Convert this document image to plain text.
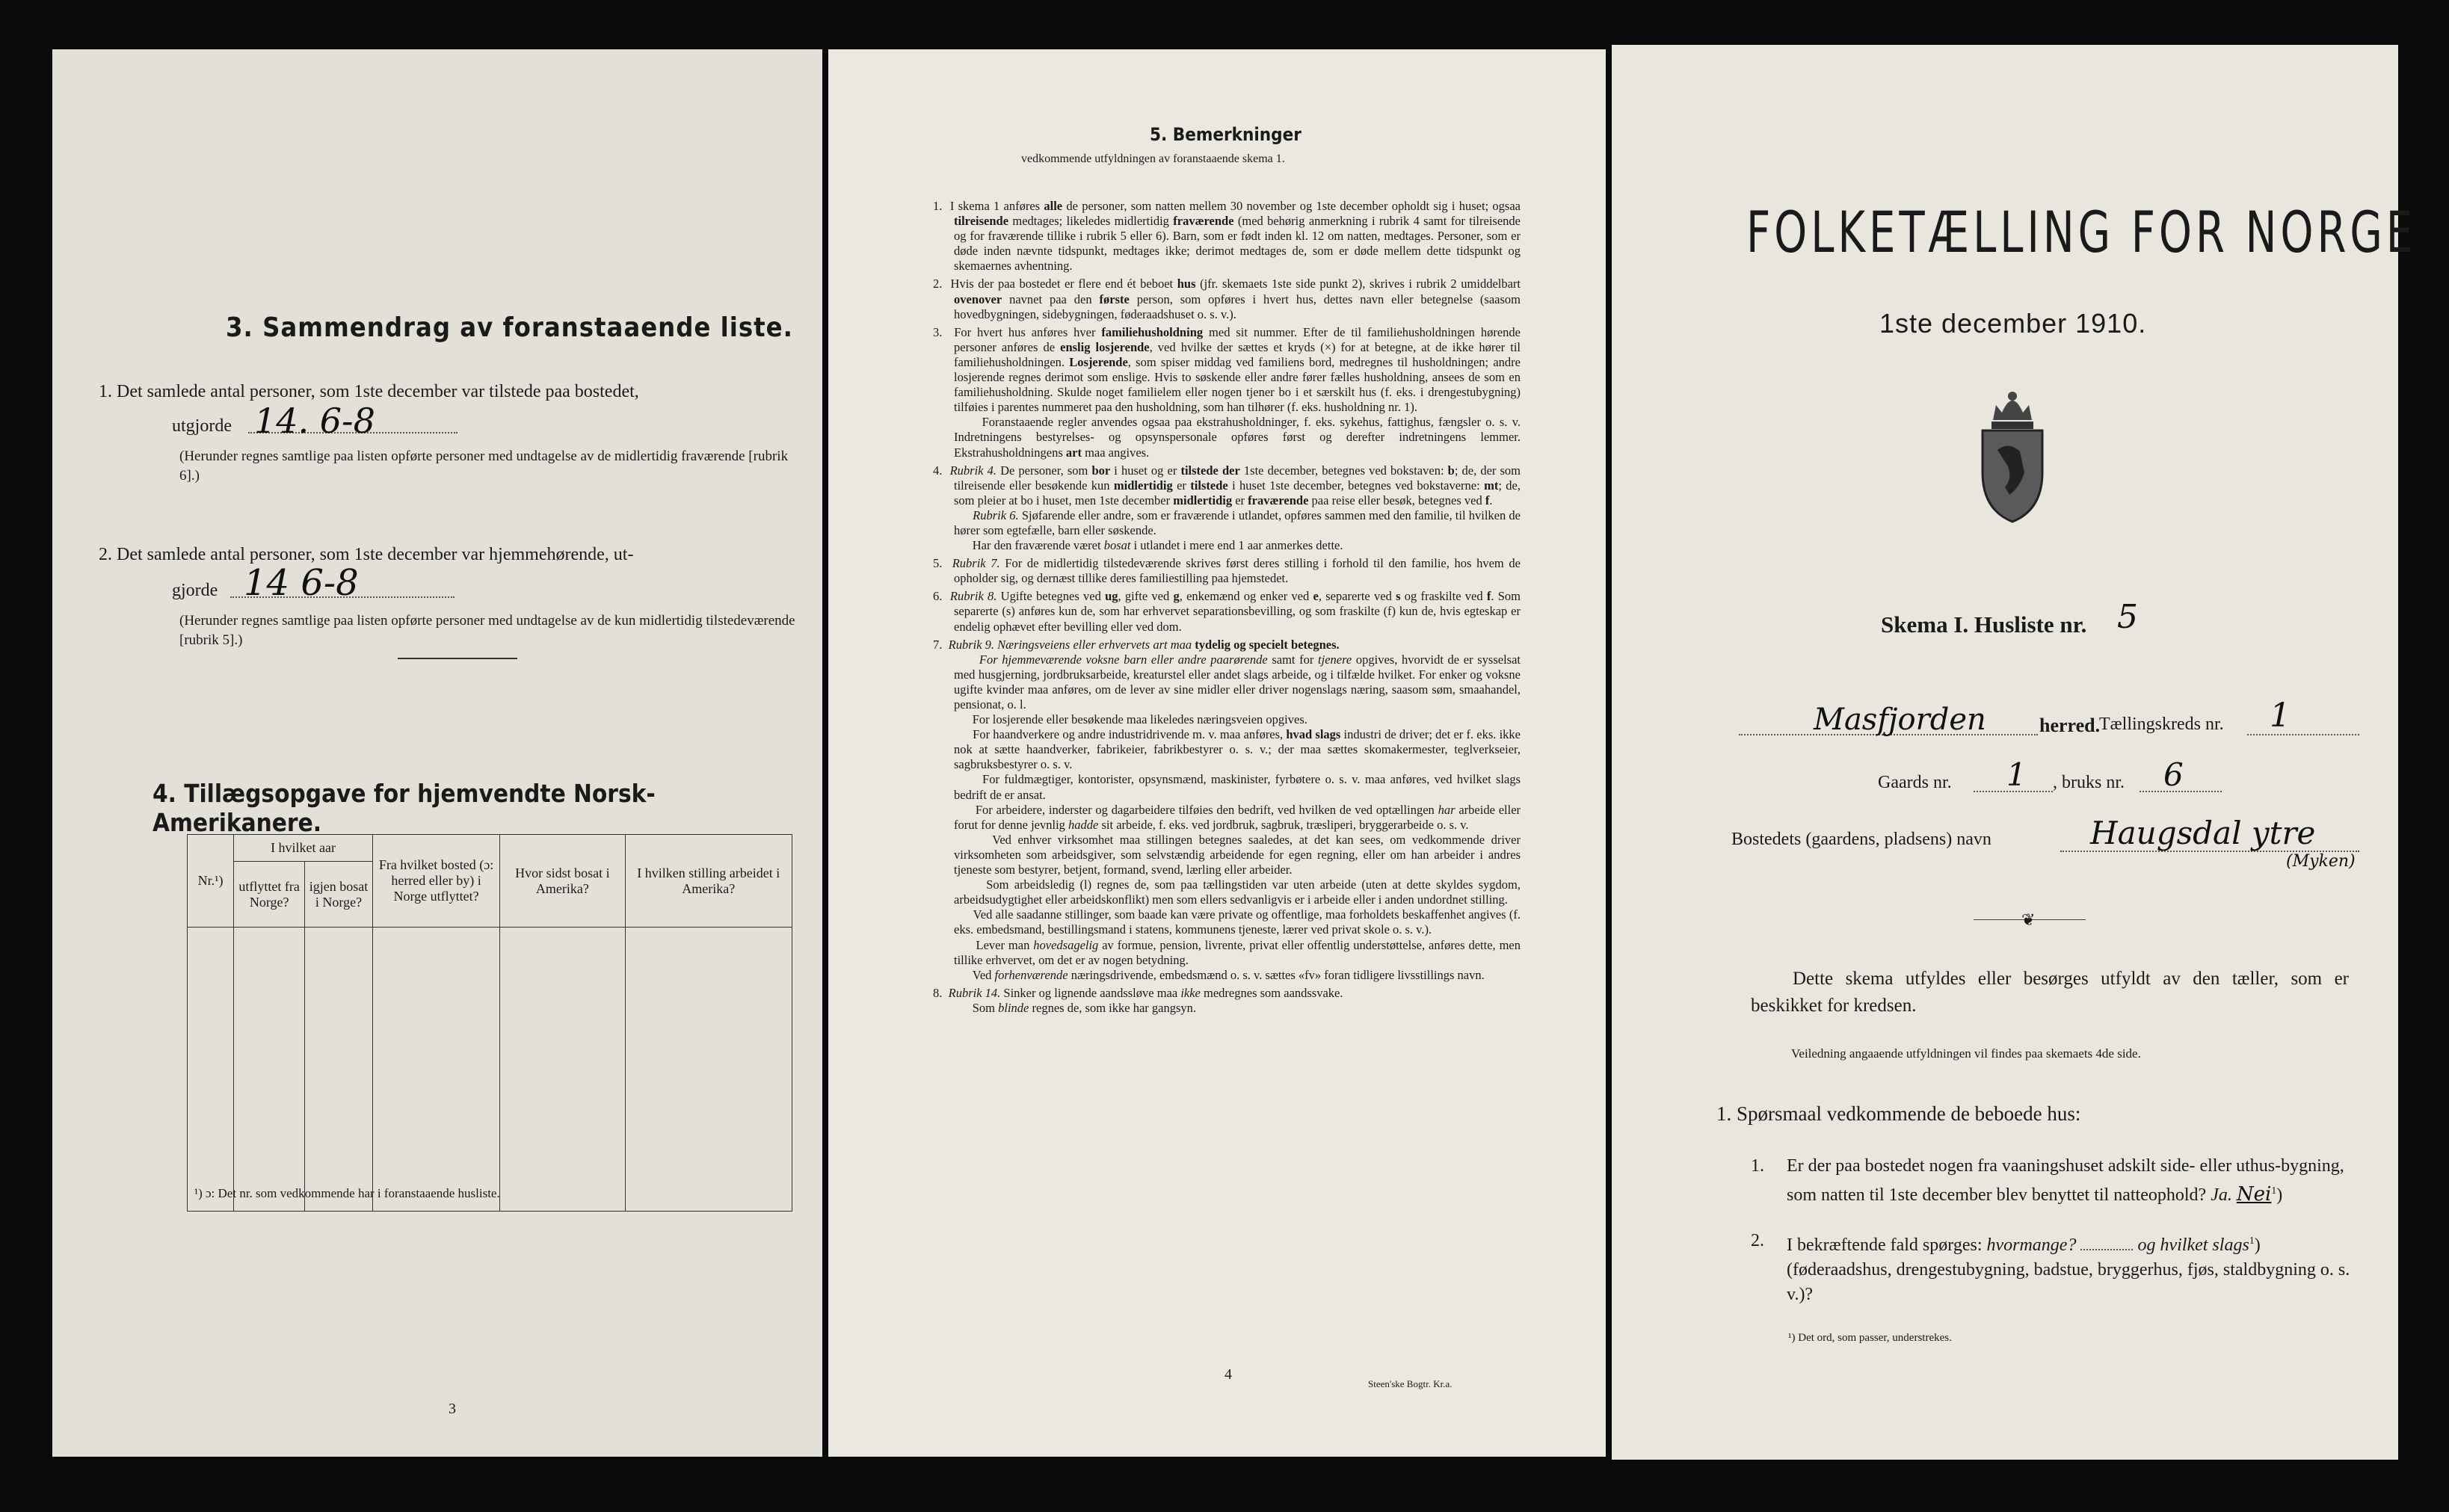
3. Sammendrag av foranstaaende liste.
1. Det samlede antal personer, som 1ste december var tilstede paa bostedet,
utgjorde 14. 6-8
(Herunder regnes samtlige paa listen opførte personer med undtagelse av de midlertidig fraværende [rubrik 6].)
2. Det samlede antal personer, som 1ste december var hjemmehørende, ut-
gjorde 14 6-8
(Herunder regnes samtlige paa listen opførte personer med undtagelse av de kun midlertidig tilstedeværende [rubrik 5].)
4. Tillægsopgave for hjemvendte Norsk-Amerikanere.
Nr.¹)	I hvilket aar		Fra hvilket bosted (ɔ: herred eller by) i Norge utflyttet?	Hvor sidst bosat i Amerika?	I hvilken stilling arbeidet i Amerika?
	utflyttet fra Norge?	igjen bosat i Norge?			

¹) ɔ: Det nr. som vedkommende har i foranstaaende husliste.
3
5. Bemerkninger
vedkommende utfyldningen av foranstaaende skema 1.

1.  I skema 1 anføres alle de personer, som natten mellem 30 november og 1ste december opholdt sig i huset; ogsaa tilreisende medtages; likeledes midlertidig fraværende (med behørig anmerkning i rubrik 4 samt for tilreisende og for fraværende tillike i rubrik 5 eller 6). Barn, som er født inden kl. 12 om natten, medtages. Personer, som er døde inden nævnte tidspunkt, medtages ikke; derimot medtages de, som er døde mellem dette tidspunkt og skemaernes avhentning.

2.  Hvis der paa bostedet er flere end ét beboet hus (jfr. skemaets 1ste side punkt 2), skrives i rubrik 2 umiddelbart ovenover navnet paa den første person, som opføres i hvert hus, dettes navn eller betegnelse (saasom hovedbygningen, sidebygningen, føderaadshuset o. s. v.).

3.  For hvert hus anføres hver familiehusholdning med sit nummer. Efter de til familiehusholdningen hørende personer anføres de enslig losjerende, ved hvilke der sættes et kryds (×) for at betegne, at de ikke hører til familiehusholdningen. Losjerende, som spiser middag ved familiens bord, medregnes til husholdningen; andre losjerende regnes derimot som enslige. Hvis to søskende eller andre fører fælles husholdning, ansees de som en familiehusholdning. Skulde noget familielem eller nogen tjener bo i et særskilt hus (f. eks. i drengestubygning) tilføies i parentes nummeret paa den husholdning, som han tilhører (f. eks. husholdning nr. 1).
Foranstaaende regler anvendes ogsaa paa ekstrahusholdninger, f. eks. sykehus, fattighus, fængsler o. s. v. Indretningens bestyrelses- og opsynspersonale opføres først og derefter indretningens lemmer. Ekstrahusholdningens art maa angives.

4.  Rubrik 4. De personer, som bor i huset og er tilstede der 1ste december, betegnes ved bokstaven: b; de, der som tilreisende eller besøkende kun midlertidig er tilstede i huset 1ste december, betegnes ved bokstaverne: mt; de, som pleier at bo i huset, men 1ste december midlertidig er fraværende paa reise eller besøk, betegnes ved f.
Rubrik 6. Sjøfarende eller andre, som er fraværende i utlandet, opføres sammen med den familie, til hvilken de hører som egtefælle, barn eller søskende.
Har den fraværende været bosat i utlandet i mere end 1 aar anmerkes dette.

5.  Rubrik 7. For de midlertidig tilstedeværende skrives først deres stilling i forhold til den familie, hos hvem de opholder sig, og dernæst tillike deres familiestilling paa hjemstedet.

6.  Rubrik 8. Ugifte betegnes ved ug, gifte ved g, enkemænd og enker ved e, separerte ved s og fraskilte ved f. Som separerte (s) anføres kun de, som har erhvervet separationsbevilling, og som fraskilte (f) kun de, hvis egteskap er endelig ophævet efter bevilling eller ved dom.

7.  Rubrik 9. Næringsveiens eller erhvervets art maa tydelig og specielt betegnes.
For hjemmeværende voksne barn eller andre paarørende samt for tjenere opgives, hvorvidt de er sysselsat med husgjerning, jordbruksarbeide, kreaturstel eller andet slags arbeide, og i tilfælde hvilket. For enker og voksne ugifte kvinder maa anføres, om de lever av sine midler eller driver nogenslags næring, saasom søm, smaahandel, pensionat, o. l.
For losjerende eller besøkende maa likeledes næringsveien opgives.
For haandverkere og andre industridrivende m. v. maa anføres, hvad slags industri de driver; det er f. eks. ikke nok at sætte haandverker, fabrikeier, fabrikbestyrer o. s. v.; der maa sættes skomakermester, teglverkseier, sagbruksbestyrer o. s. v.
For fuldmægtiger, kontorister, opsynsmænd, maskinister, fyrbøtere o. s. v. maa anføres, ved hvilket slags bedrift de er ansat.
For arbeidere, inderster og dagarbeidere tilføies den bedrift, ved hvilken de ved optællingen har arbeide eller forut for denne jevnlig hadde sit arbeide, f. eks. ved jordbruk, sagbruk, træsliperi, bryggerarbeide o. s. v.
Ved enhver virksomhet maa stillingen betegnes saaledes, at det kan sees, om vedkommende driver virksomheten som arbeidsgiver, som selvstændig arbeidende for egen regning, eller om han arbeider i andres tjeneste som bestyrer, betjent, formand, svend, lærling eller arbeider.
Som arbeidsledig (l) regnes de, som paa tællingstiden var uten arbeide (uten at dette skyldes sygdom, arbeidsudygtighet eller arbeidskonflikt) men som ellers sedvanligvis er i arbeide eller i anden undordnet stilling.
Ved alle saadanne stillinger, som baade kan være private og offentlige, maa forholdets beskaffenhet angives (f. eks. embedsmand, bestillingsmand i statens, kommunens tjeneste, lærer ved privat skole o. s. v.).
Lever man hovedsagelig av formue, pension, livrente, privat eller offentlig understøttelse, anføres dette, men tillike erhvervet, om det er av nogen betydning.
Ved forhenværende næringsdrivende, embedsmænd o. s. v. sættes «fv» foran tidligere livsstillings navn.

8.  Rubrik 14. Sinker og lignende aandssløve maa ikke medregnes som aandssvake.
Som blinde regnes de, som ikke har gangsyn.

4
Steen'ske Bogtr. Kr.a.
FOLKETÆLLING FOR NORGE
1ste december 1910.
Skema I. Husliste nr. 5
Masfjorden	herred.
Tællingskreds nr. 1
Gaards nr. 1 , bruks nr. 6
Bostedets (gaardens, pladsens) navn	Haugsdal ytre
(Myken)
❦
Dette skema utfyldes eller besørges utfyldt av den tæller, som er beskikket for kredsen.
Veiledning angaaende utfyldningen vil findes paa skemaets 4de side.
1. Spørsmaal vedkommende de beboede hus:
1. Er der paa bostedet nogen fra vaaningshuset adskilt side- eller uthus-bygning, som natten til 1ste december blev benyttet til natteophold? Ja. Nei$^1$)
2. I bekræftende fald spørges: hvormange?	og hvilket slags$^1$) (føderaadshus, drengestubygning, badstue, bryggerhus, fjøs, staldbygning o. s. v.)?
¹) Det ord, som passer, understrekes.
